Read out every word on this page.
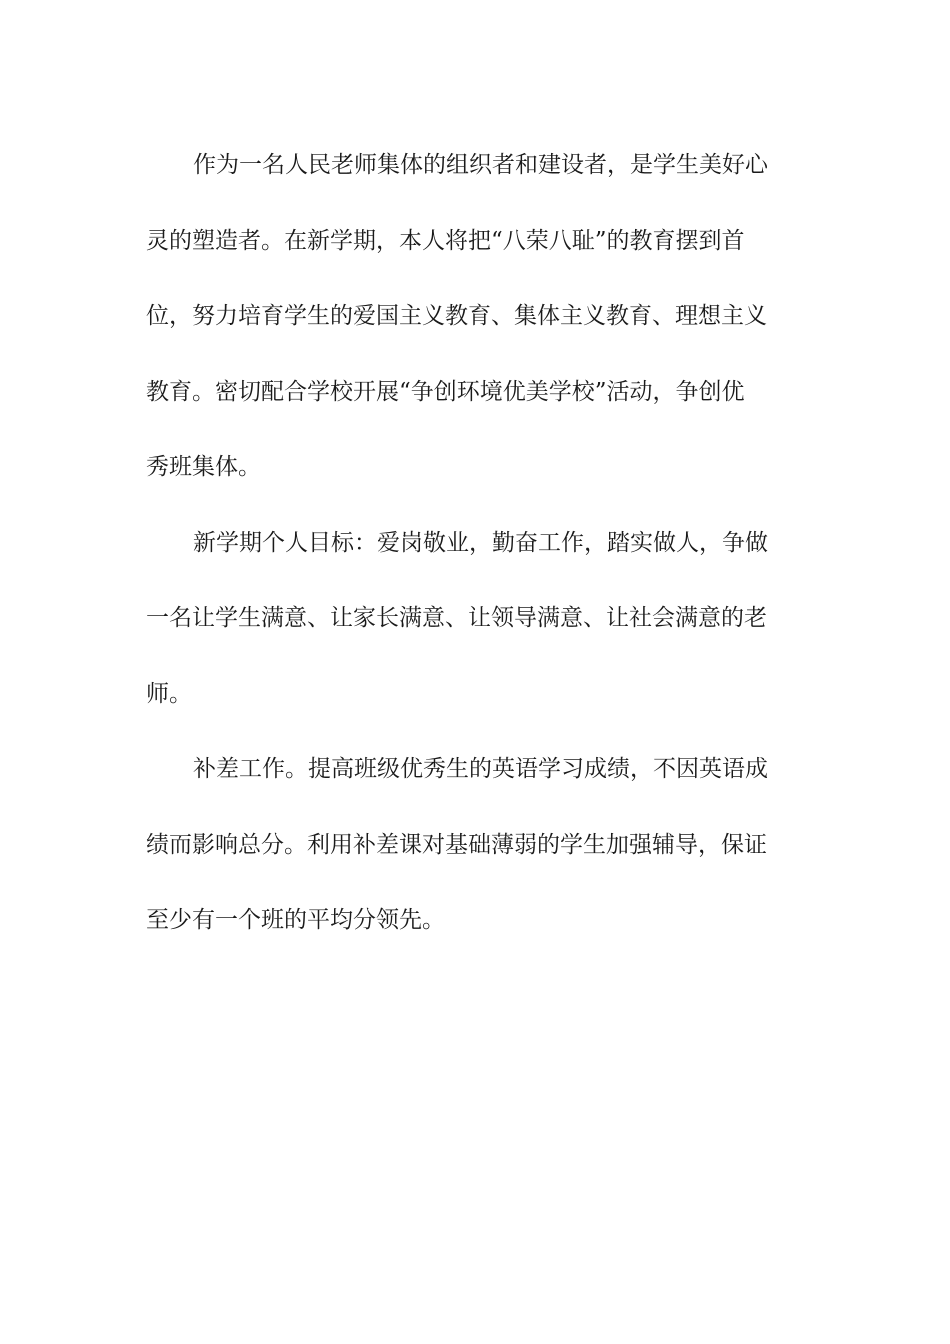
作为一名人民老师集体的组织者和建设者，是学生美好心
灵的塑造者。在新学期，本人将把“八荣八耻”的教育摆到首
位，努力培育学生的爱国主义教育、集体主义教育、理想主义
教育。密切配合学校开展“争创环境优美学校”活动，争创优
秀班集体。
新学期个人目标：爱岗敬业，勤奋工作，踏实做人，争做
一名让学生满意、让家长满意、让领导满意、让社会满意的老
师。
补差工作。提高班级优秀生的英语学习成绩，不因英语成
绩而影响总分。利用补差课对基础薄弱的学生加强辅导，保证
至少有一个班的平均分领先。
